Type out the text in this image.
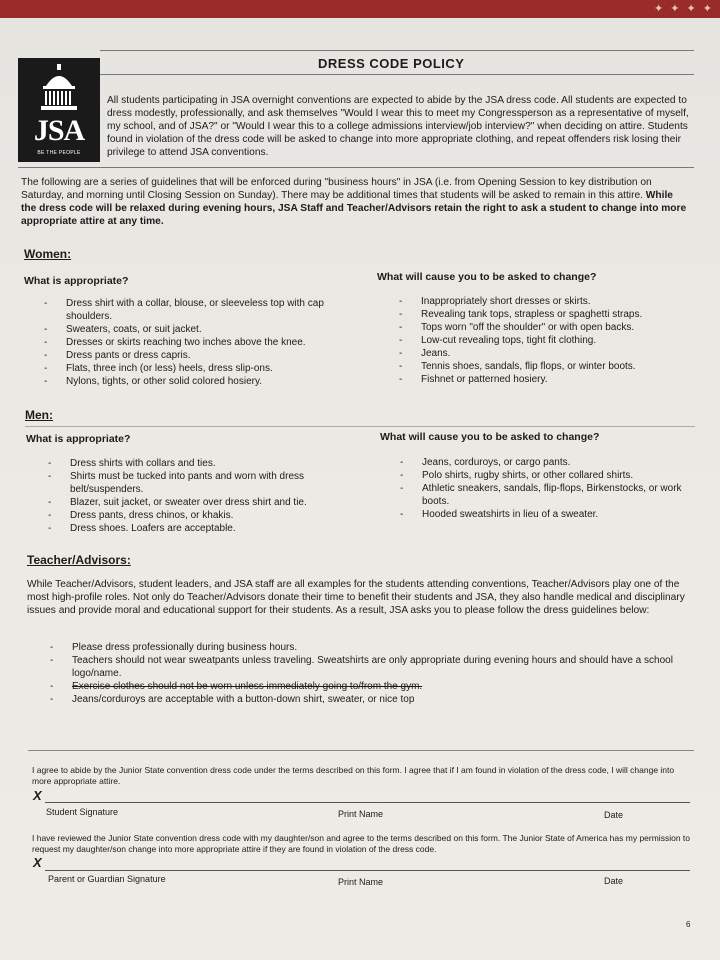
✦ ✦ ✦ ✦
DRESS CODE POLICY
JSA
BE THE PEOPLE
All students participating in JSA overnight conventions are expected to abide by the JSA dress code. All students are expected to dress modestly, professionally, and ask themselves "Would I wear this to meet my Congressperson as a representative of myself, my school, and of JSA?" or "Would I wear this to a college admissions interview/job interview?" when deciding on attire. Students found in violation of the dress code will be asked to change into more appropriate clothing, and repeat offenders risk losing their privilege to attend JSA conventions.
The following are a series of guidelines that will be enforced during "business hours" in JSA (i.e. from Opening Session to key distribution on Saturday, and morning until Closing Session on Sunday). There may be additional times that students will be asked to remain in this attire. While the dress code will be relaxed during evening hours, JSA Staff and Teacher/Advisors retain the right to ask a student to change into more appropriate attire at any time.
Women:
What is appropriate?	What will cause you to be asked to change?
- Dress shirt with a collar, blouse, or sleeveless top with cap shoulders.
- Sweaters, coats, or suit jacket.
- Dresses or skirts reaching two inches above the knee.
- Dress pants or dress capris.
- Flats, three inch (or less) heels, dress slip-ons.
- Nylons, tights, or other solid colored hosiery.
- Inappropriately short dresses or skirts.
- Revealing tank tops, strapless or spaghetti straps.
- Tops worn "off the shoulder" or with open backs.
- Low-cut revealing tops, tight fit clothing.
- Jeans.
- Tennis shoes, sandals, flip flops, or winter boots.
- Fishnet or patterned hosiery.
Men:
What is appropriate?	What will cause you to be asked to change?
- Dress shirts with collars and ties.
- Shirts must be tucked into pants and worn with dress belt/suspenders.
- Blazer, suit jacket, or sweater over dress shirt and tie.
- Dress pants, dress chinos, or khakis.
- Dress shoes. Loafers are acceptable.
- Jeans, corduroys, or cargo pants.
- Polo shirts, rugby shirts, or other collared shirts.
- Athletic sneakers, sandals, flip-flops, Birkenstocks, or work boots.
- Hooded sweatshirts in lieu of a sweater.
Teacher/Advisors:
While Teacher/Advisors, student leaders, and JSA staff are all examples for the students attending conventions, Teacher/Advisors play one of the most high-profile roles. Not only do Teacher/Advisors donate their time to benefit their students and JSA, they also handle medical and disciplinary issues and provide moral and educational support for their students. As a result, JSA asks you to please follow the dress guidelines below:
- Please dress professionally during business hours.
- Teachers should not wear sweatpants unless traveling. Sweatshirts are only appropriate during evening hours and should have a school logo/name.
- Exercise clothes should not be worn unless immediately going to/from the gym.
- Jeans/corduroys are acceptable with a button-down shirt, sweater, or nice top
I agree to abide by the Junior State convention dress code under the terms described on this form. I agree that if I am found in violation of the dress code, I will change into more appropriate attire.
X
Student Signature	Print Name	Date
I have reviewed the Junior State convention dress code with my daughter/son and agree to the terms described on this form. The Junior State of America has my permission to request my daughter/son change into more appropriate attire if they are found in violation of the dress code.
X
Parent or Guardian Signature	Print Name	Date
6
